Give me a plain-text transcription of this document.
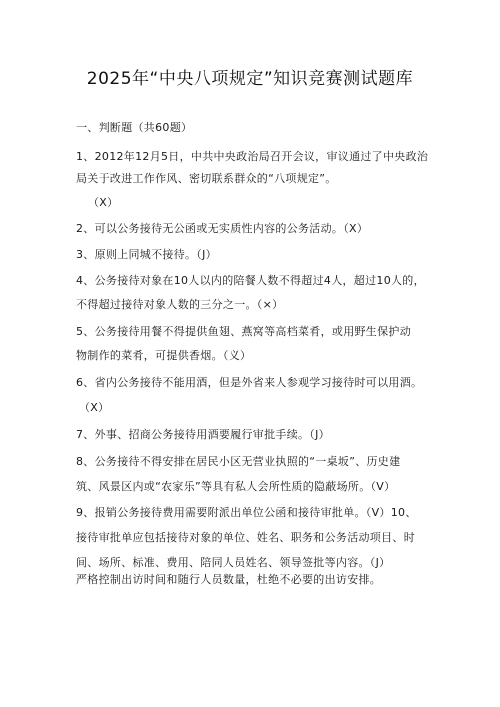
2025年“中央八项规定”知识竞赛测试题库
一、判断题（共60题）
1、2012年12月5日，中共中央政治局召开会议，审议通过了中央政治
局关于改进工作作风、密切联系群众的“八项规定”。
（X）
2、可以公务接待无公函或无实质性内容的公务活动。（X）
3、原则上同城不接待。（J）
4、公务接待对象在10人以内的陪餐人数不得超过4人，超过10人的，
不得超过接待对象人数的三分之一。（×）
5、公务接待用餐不得提供鱼翅、燕窝等高档菜肴，或用野生保护动
物制作的菜肴，可提供香烟。（义）
6、省内公务接待不能用酒，但是外省来人参观学习接待时可以用酒。
（X）
7、外事、招商公务接待用酒要履行审批手续。（J）
8、公务接待不得安排在居民小区无营业执照的“一桌坂”、历史建
筑、风景区内或“农家乐”等具有私人会所性质的隐蔽场所。（V）
9、报销公务接待费用需要附派出单位公函和接待审批单。（V）10、
接待审批单应包括接待对象的单位、姓名、职务和公务活动项目、时
间、场所、标准、费用、陪同人员姓名、领导签批等内容。（J）
严格控制出访时间和随行人员数量，杜绝不必要的出访安排。
